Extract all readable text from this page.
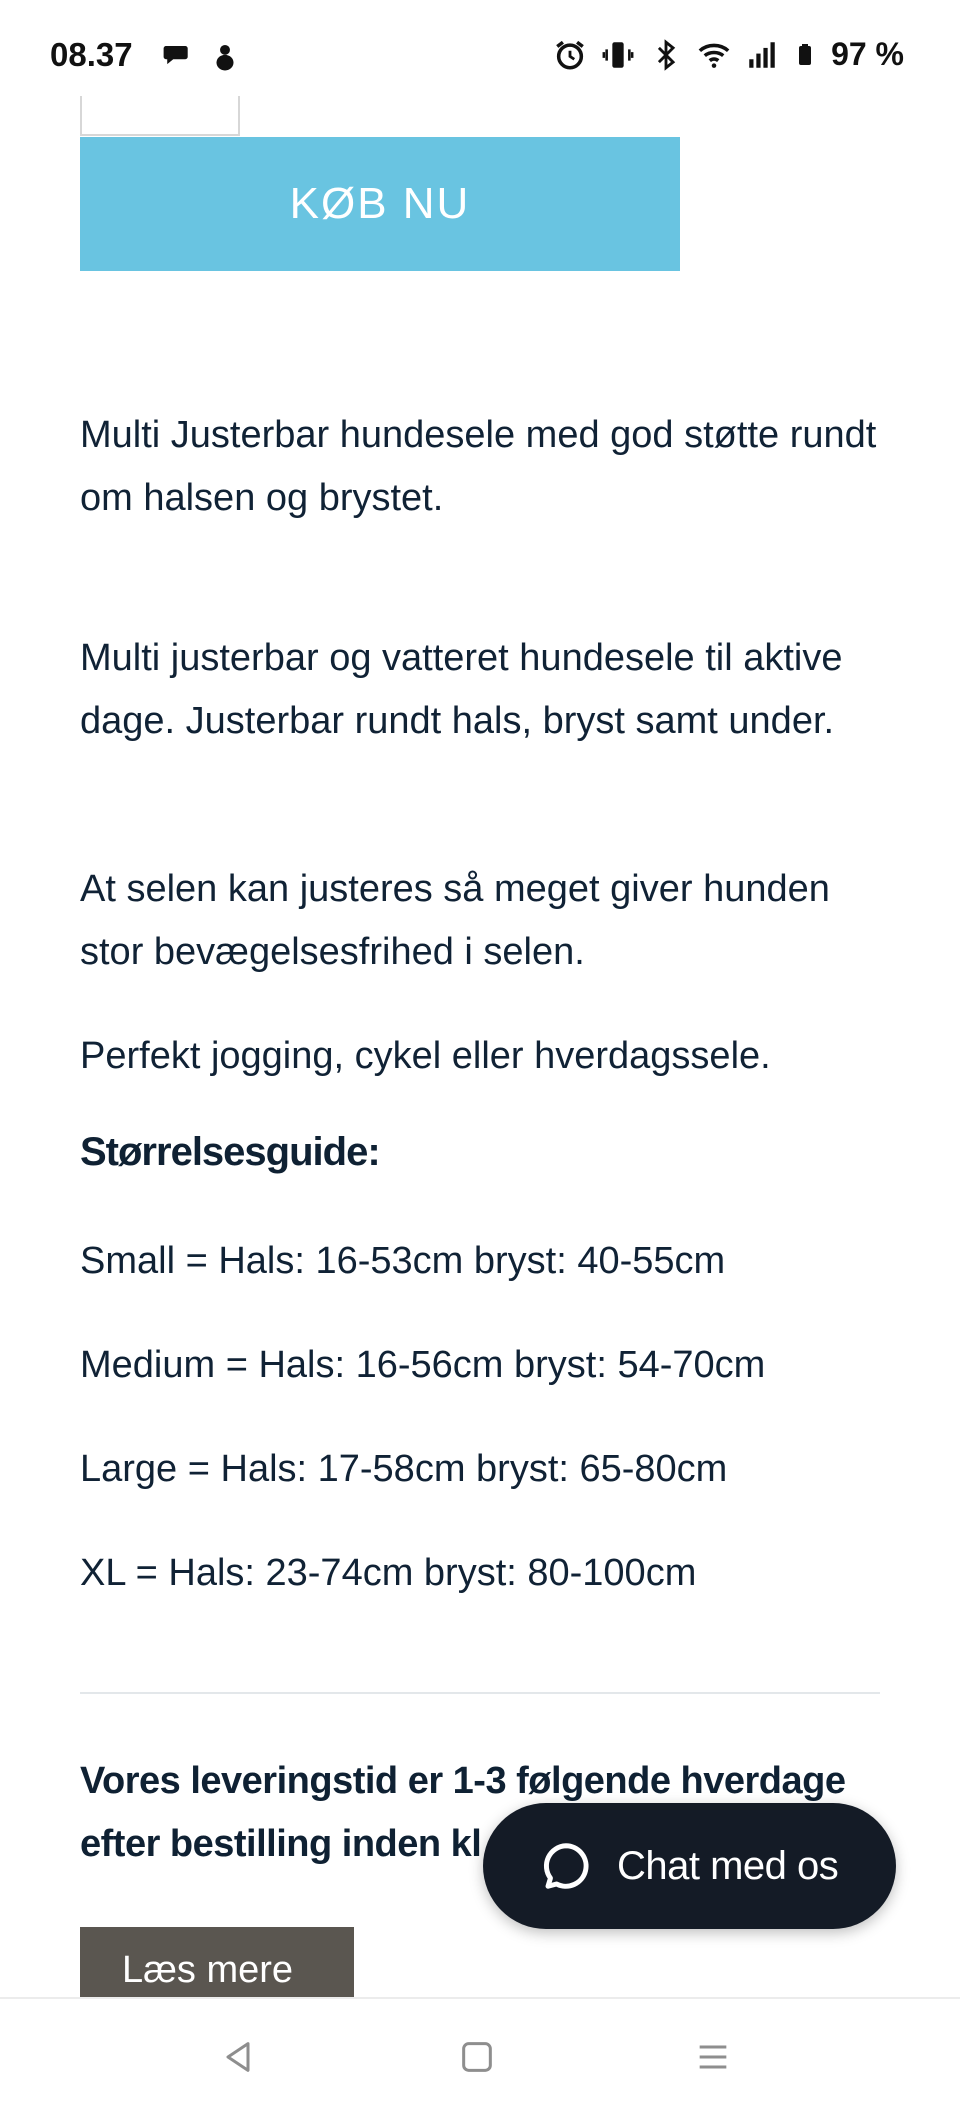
08.37	97 %
KØB NU

Multi Justerbar hundesele med god støtte rundt om halsen og brystet.

Multi justerbar og vatteret hundesele til aktive dage. Justerbar rundt hals, bryst samt under.

At selen kan justeres så meget giver hunden stor bevægelsesfrihed i selen.

Perfekt jogging, cykel eller hverdagssele.

Størrelsesguide:
Small = Hals: 16-53cm bryst: 40-55cm
Medium = Hals: 16-56cm bryst: 54-70cm
Large = Hals: 17-58cm bryst: 65-80cm
XL = Hals: 23-74cm bryst: 80-100cm

Vores leveringstid er 1-3 følgende hverdage efter bestilling inden kl

Læs mere
Chat med os
